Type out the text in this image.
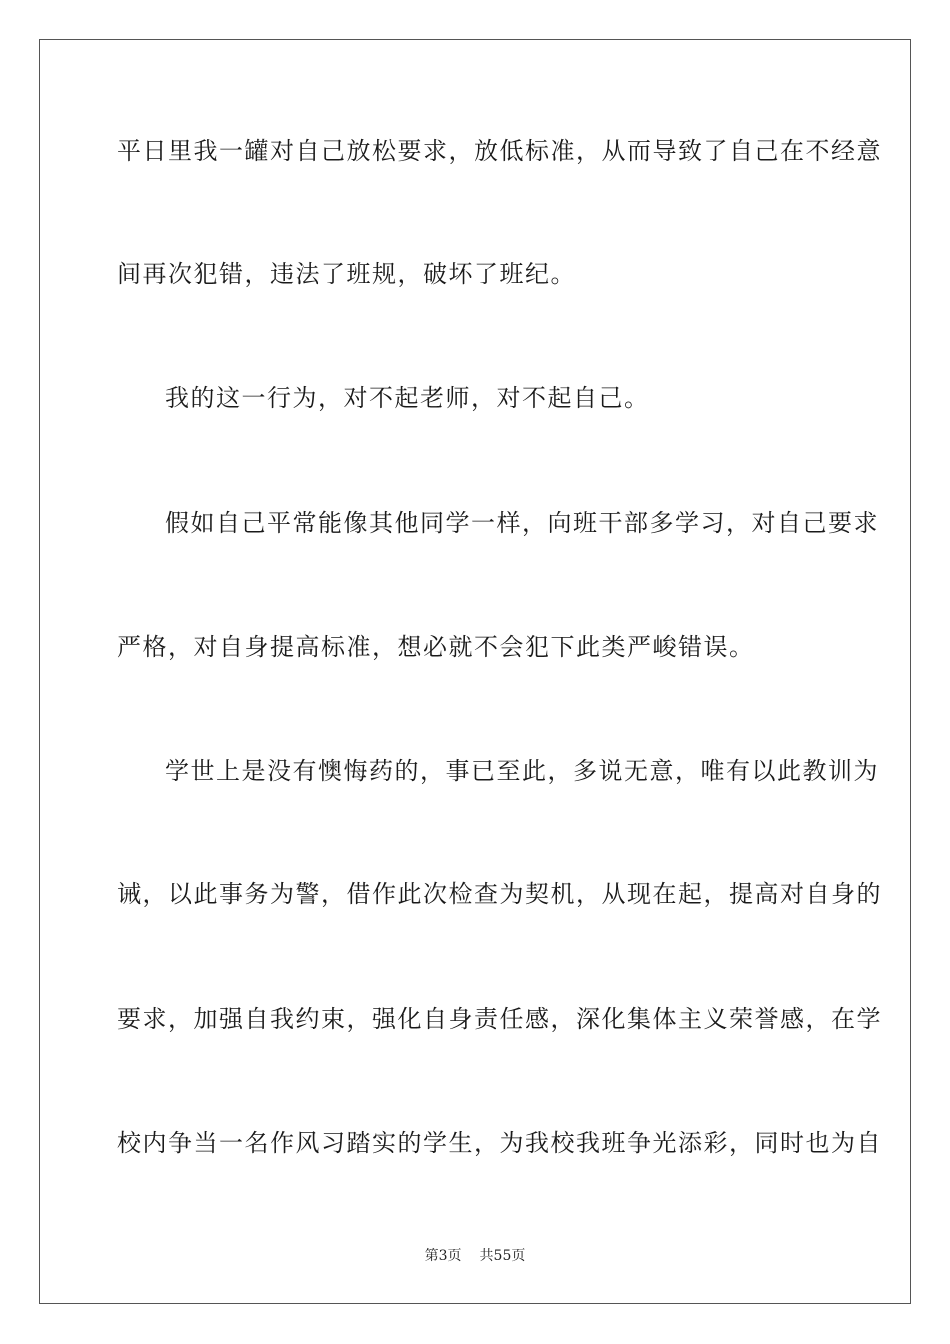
平日里我一罐对自己放松要求，放低标准，从而导致了自己在不经意
间再次犯错，违法了班规，破坏了班纪。
我的这一行为，对不起老师，对不起自己。
假如自己平常能像其他同学一样，向班干部多学习，对自己要求
严格，对自身提高标准，想必就不会犯下此类严峻错误。
学世上是没有懊悔药的，事已至此，多说无意，唯有以此教训为
诫，以此事务为警，借作此次检查为契机，从现在起，提高对自身的
要求，加强自我约束，强化自身责任感，深化集体主义荣誉感，在学
校内争当一名作风习踏实的学生，为我校我班争光添彩，同时也为自
第3页 共55页
